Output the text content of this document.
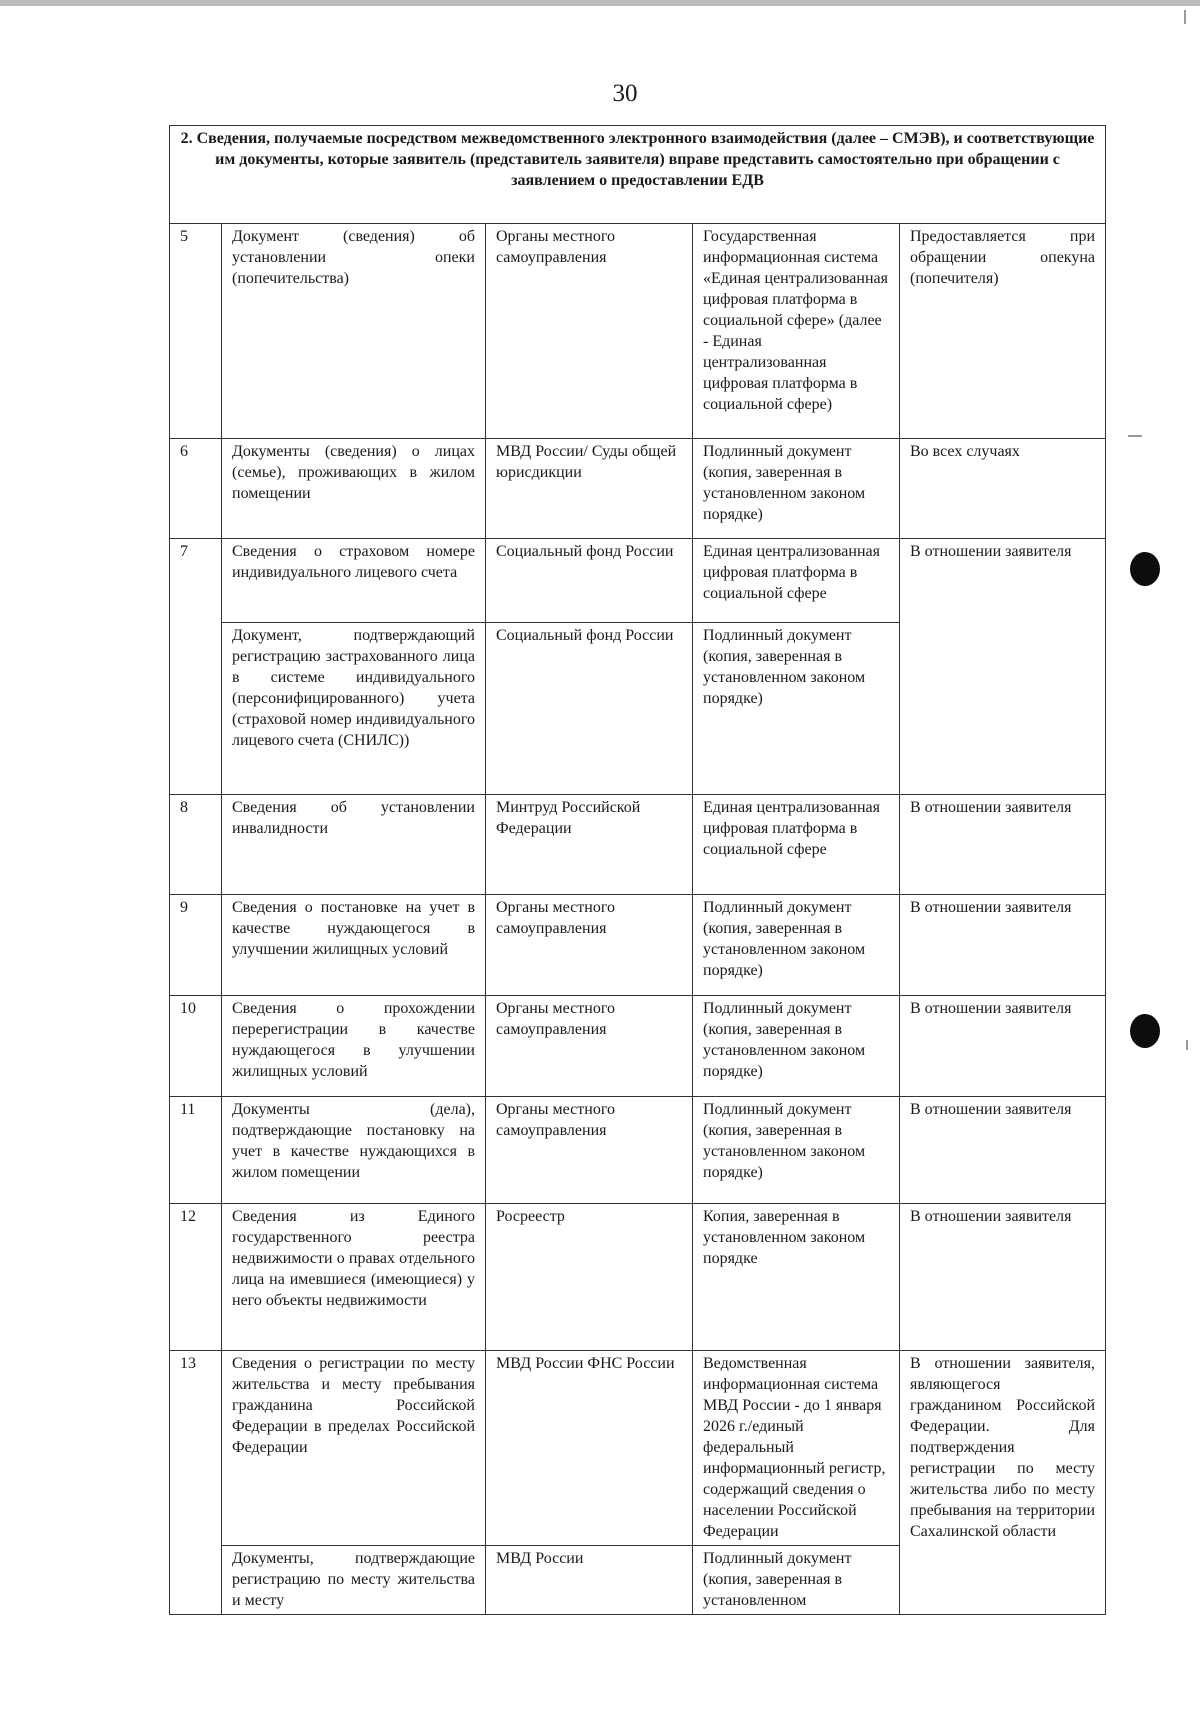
30
2. Сведения, получаемые посредством межведомственного электронного взаимодействия (далее – СМЭВ), и соответствующие им документы, которые заявитель (представитель заявителя) вправе представить самостоятельно при обращении с заявлением о предоставлении ЕДВ				
5	Документ (сведения) об установлении опеки (попечительства)	Органы местного самоуправления	Государственная информационная система «Единая централизованная цифровая платформа в социальной сфере» (далее - Единая централизованная цифровая платформа в социальной сфере)	Предоставляется при обращении опекуна (попечителя)
6	Документы (сведения) о лицах (семье), проживающих в жилом помещении	МВД России/ Суды общей юрисдикции	Подлинный документ (копия, заверенная в установленном законом порядке)	Во всех случаях
7	Сведения о страховом номере индивидуального лицевого счета	Социальный фонд России	Единая централизованная цифровая платформа в социальной сфере	В отношении заявителя
	Документ, подтверждающий регистрацию застрахованного лица в системе индивидуального (персонифицированного) учета (страховой номер индивидуального лицевого счета (СНИЛС))	Социальный фонд России	Подлинный документ (копия, заверенная в установленном законом порядке)	
8	Сведения об установлении инвалидности	Минтруд Российской Федерации	Единая централизованная цифровая платформа в социальной сфере	В отношении заявителя
9	Сведения о постановке на учет в качестве нуждающегося в улучшении жилищных условий	Органы местного самоуправления	Подлинный документ (копия, заверенная в установленном законом порядке)	В отношении заявителя
10	Сведения о прохождении перерегистрации в качестве нуждающегося в улучшении жилищных условий	Органы местного самоуправления	Подлинный документ (копия, заверенная в установленном законом порядке)	В отношении заявителя
11	Документы (дела), подтверждающие постановку на учет в качестве нуждающихся в жилом помещении	Органы местного самоуправления	Подлинный документ (копия, заверенная в установленном законом порядке)	В отношении заявителя
12	Сведения из Единого государственного реестра недвижимости о правах отдельного лица на имевшиеся (имеющиеся) у него объекты недвижимости	Росреестр	Копия, заверенная в установленном законом порядке	В отношении заявителя
13	Сведения о регистрации по месту жительства и месту пребывания гражданина Российской Федерации в пределах Российской Федерации	МВД России ФНС России	Ведомственная информационная система МВД России - до 1 января 2026 г./единый федеральный информационный регистр, содержащий сведения о населении Российской Федерации	В отношении заявителя, являющегося гражданином Российской Федерации. Для подтверждения регистрации по месту жительства либо по месту пребывания на территории Сахалинской области
	Документы, подтверждающие регистрацию по месту жительства и месту	МВД России	Подлинный документ (копия, заверенная в установленном	
